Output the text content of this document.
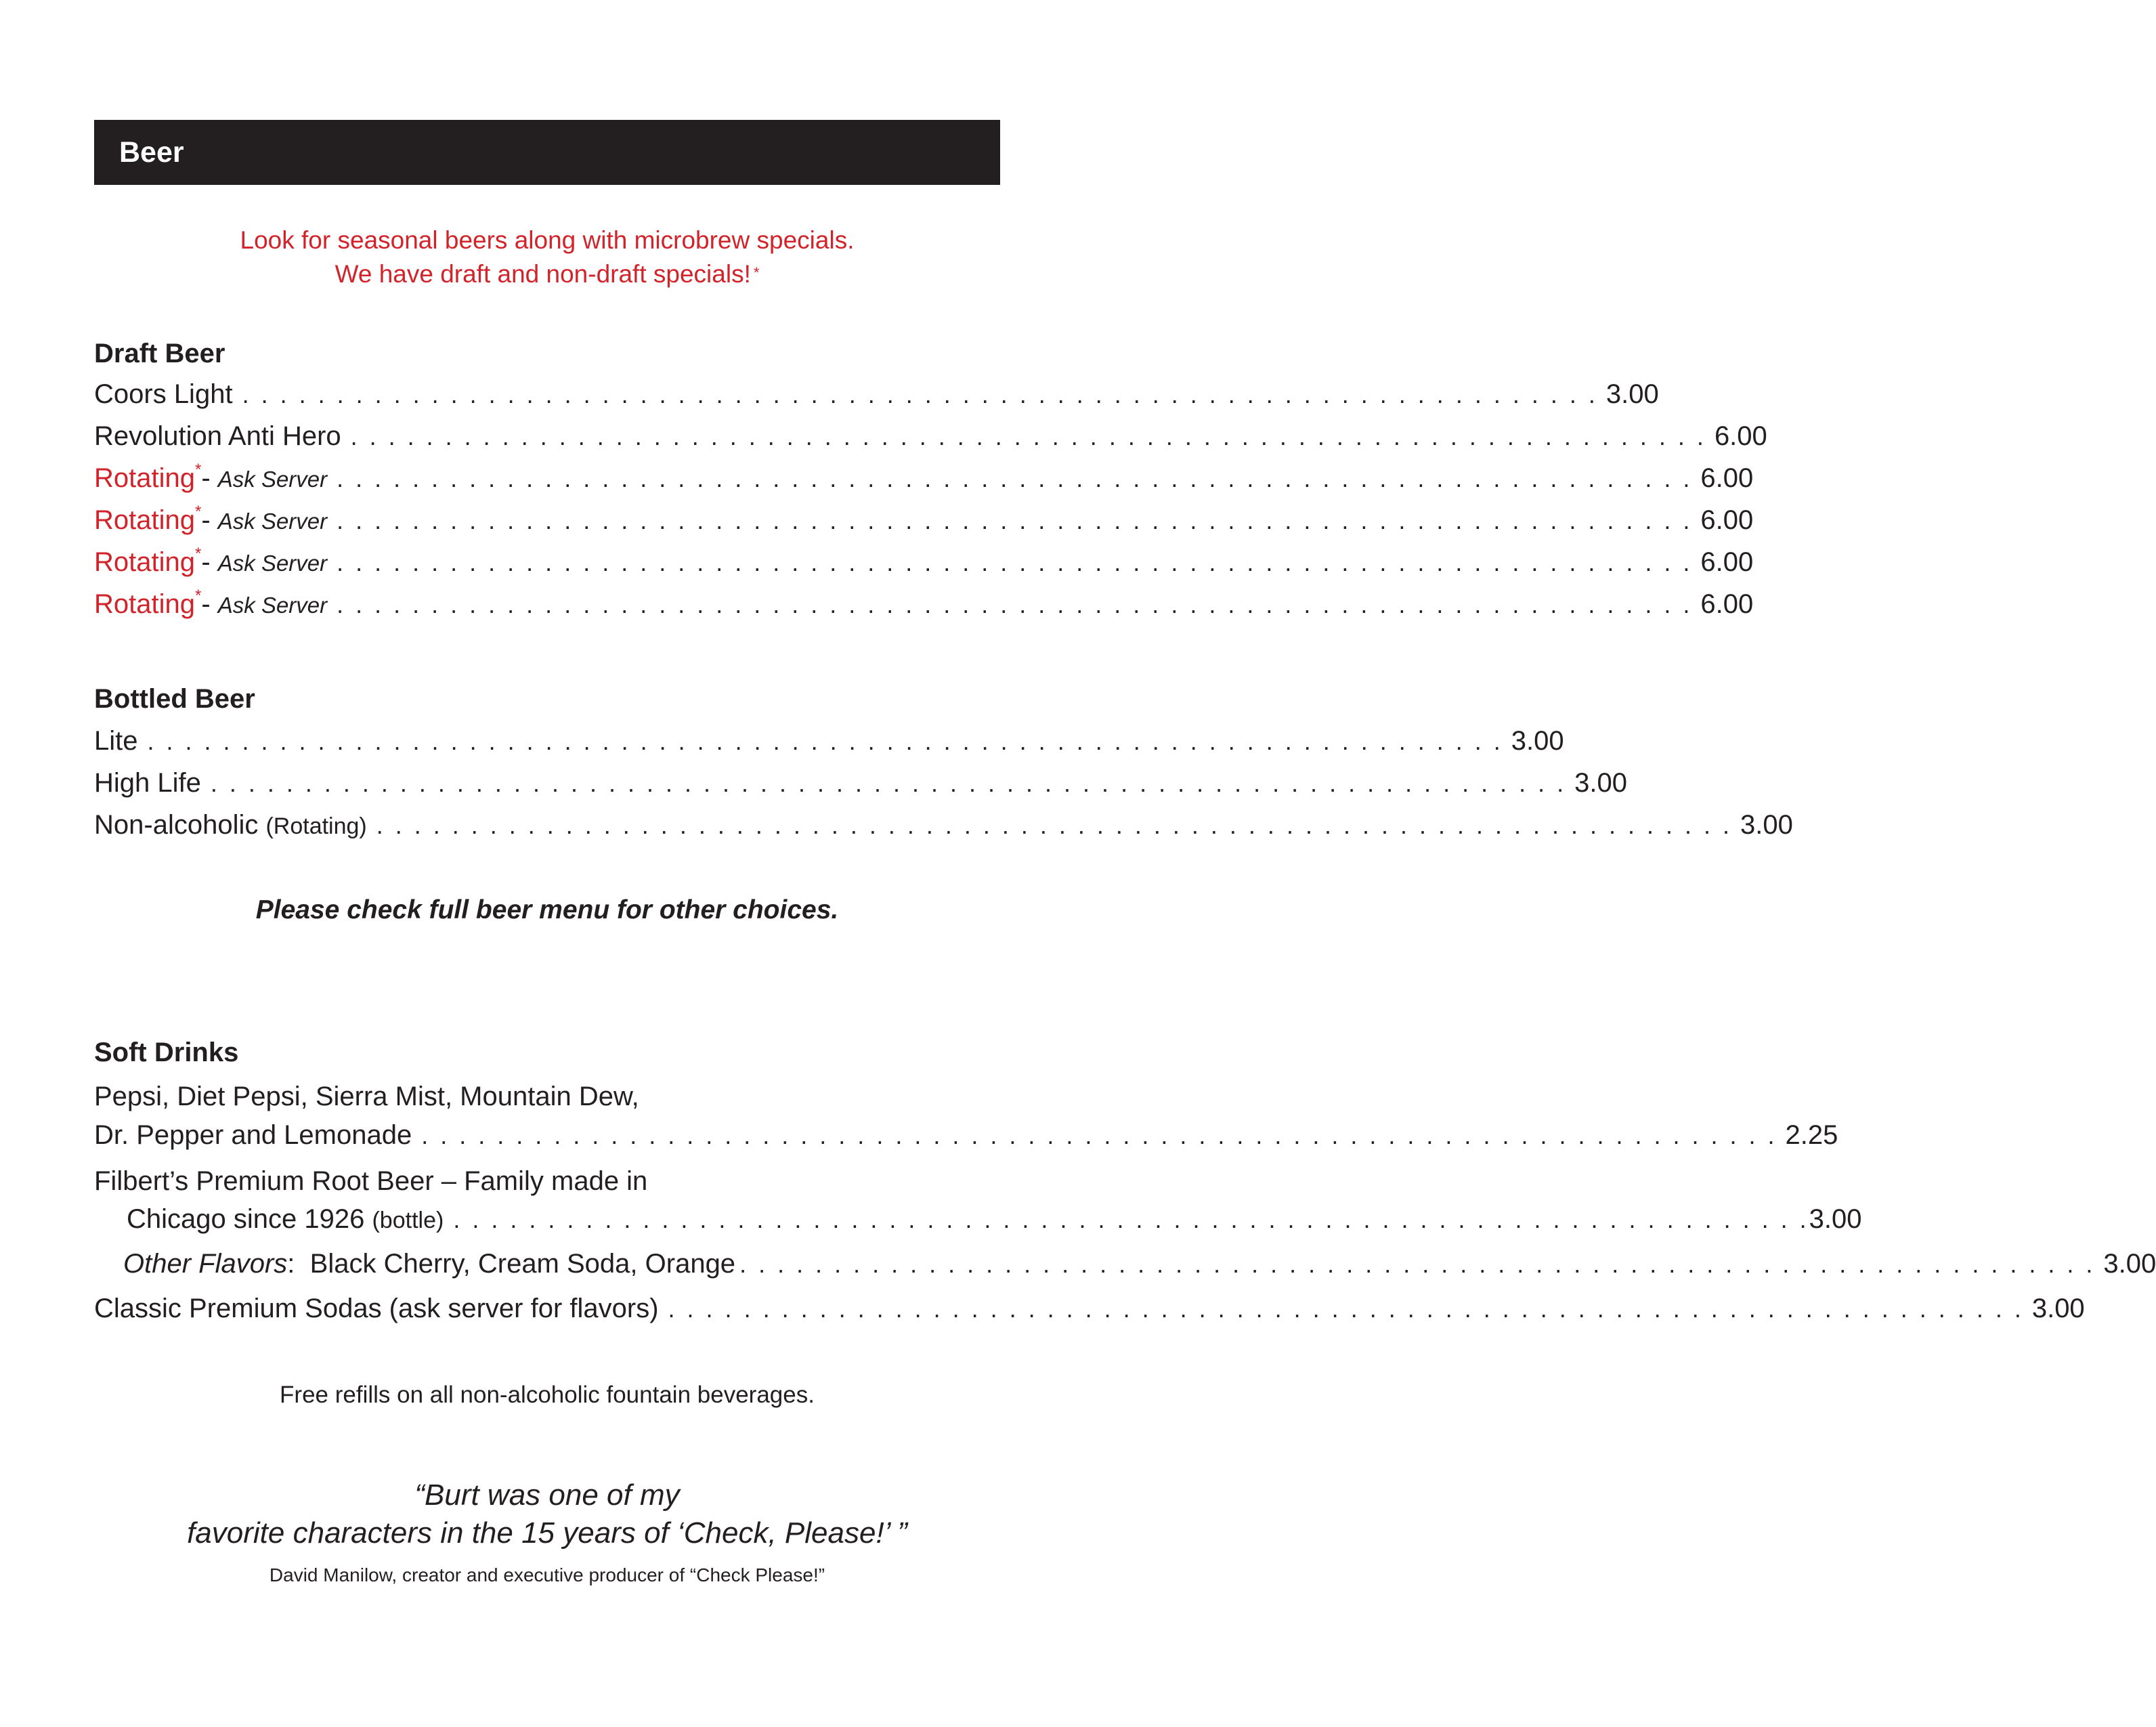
Beer
Look for seasonal beers along with microbrew specials.
We have draft and non-draft specials! *
Draft Beer
Coors Light . . . . . . . . . . . . . . . . . . . . . . . . . . . . . . . . . . . . . . . . . . . . . . . . . . . . . . . . . . . . . . . . . . . . . . . . 3.00
Revolution Anti Hero . . . . . . . . . . . . . . . . . . . . . . . . . . . . . . . . . . . . . . . . . . . . . . . . . . . . . . . . . . . . . . . . . . . . . . . . 6.00
Rotating*- Ask Server . . . . . . . . . . . . . . . . . . . . . . . . . . . . . . . . . . . . . . . . . . . . . . . . . . . . . . . . . . . . . . . . . . . . . . . . 6.00
Rotating*- Ask Server . . . . . . . . . . . . . . . . . . . . . . . . . . . . . . . . . . . . . . . . . . . . . . . . . . . . . . . . . . . . . . . . . . . . . . . . 6.00
Rotating*- Ask Server . . . . . . . . . . . . . . . . . . . . . . . . . . . . . . . . . . . . . . . . . . . . . . . . . . . . . . . . . . . . . . . . . . . . . . . . 6.00
Rotating*- Ask Server . . . . . . . . . . . . . . . . . . . . . . . . . . . . . . . . . . . . . . . . . . . . . . . . . . . . . . . . . . . . . . . . . . . . . . . . 6.00
Bottled Beer
Lite . . . . . . . . . . . . . . . . . . . . . . . . . . . . . . . . . . . . . . . . . . . . . . . . . . . . . . . . . . . . . . . . . . . . . . . . 3.00
High Life . . . . . . . . . . . . . . . . . . . . . . . . . . . . . . . . . . . . . . . . . . . . . . . . . . . . . . . . . . . . . . . . . . . . . . . . 3.00
Non-alcoholic (Rotating) . . . . . . . . . . . . . . . . . . . . . . . . . . . . . . . . . . . . . . . . . . . . . . . . . . . . . . . . . . . . . . . . . . . . . . . . 3.00
Please check full beer menu for other choices.
Soft Drinks
Pepsi, Diet Pepsi, Sierra Mist, Mountain Dew,
Dr. Pepper and Lemonade . . . . . . . . . . . . . . . . . . . . . . . . . . . . . . . . . . . . . . . . . . . . . . . . . . . . . . . . . . . . . . . . . . . . . . . . 2.25
Filbert’s Premium Root Beer – Family made in
Chicago since 1926 (bottle) . . . . . . . . . . . . . . . . . . . . . . . . . . . . . . . . . . . . . . . . . . . . . . . . . . . . . . . . . . . . . . . . . . . . . . . . 3.00
Other Flavors: Black Cherry, Cream Soda, Orange . . . . . . . . . . . . . . . . . . . . . . . . . . . . . . . . . . . . . . . . . . . . . . . . . . . . . . . . . . . . . . . . . . . . . . . . 3.00
Classic Premium Sodas (ask server for flavors) . . . . . . . . . . . . . . . . . . . . . . . . . . . . . . . . . . . . . . . . . . . . . . . . . . . . . . . . . . . . . . . . . . . . . . . . 3.00
Free refills on all non-alcoholic fountain beverages.
“Burt was one of my
favorite characters in the 15 years of ‘Check, Please!’ ”
David Manilow, creator and executive producer of “Check Please!”
